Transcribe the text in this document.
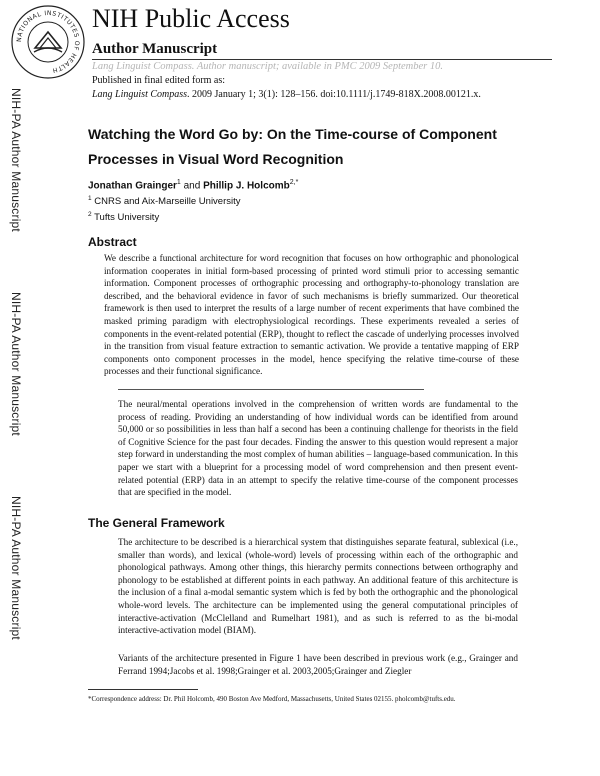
NATIONAL INSTITUTES OF HEALTH
NIH Public Access
Author Manuscript
Lang Linguist Compass. Author manuscript; available in PMC 2009 September 10.
Published in final edited form as:
Lang Linguist Compass. 2009 January 1; 3(1): 128–156. doi:10.1111/j.1749-818X.2008.00121.x.
NIH-PA Author Manuscript
NIH-PA Author Manuscript
NIH-PA Author Manuscript
Watching the Word Go by: On the Time-course of Component Processes in Visual Word Recognition
Jonathan Grainger$^1$ and Phillip J. Holcomb$^{2,*}$
$^1$ CNRS and Aix-Marseille University
$^2$ Tufts University
Abstract
We describe a functional architecture for word recognition that focuses on how orthographic and phonological information cooperates in initial form-based processing of printed word stimuli prior to accessing semantic information. Component processes of orthographic processing and orthography-to-phonology translation are described, and the behavioral evidence in favor of such mechanisms is briefly summarized. Our theoretical framework is then used to interpret the results of a large number of recent experiments that have combined the masked priming paradigm with electrophysiological recordings. These experiments revealed a series of components in the event-related potential (ERP), thought to reflect the cascade of underlying processes involved in the transition from visual feature extraction to semantic activation. We provide a tentative mapping of ERP components onto component processes in the model, hence specifying the relative time-course of these processes and their functional significance.
The neural/mental operations involved in the comprehension of written words are fundamental to the process of reading. Providing an understanding of how individual words can be identified from around 50,000 or so possibilities in less than half a second has been a continuing challenge for theorists in the field of Cognitive Science for the past four decades. Finding the answer to this question would represent a major step forward in understanding the most complex of human abilities – language-based communication. In this paper we start with a blueprint for a processing model of word comprehension and then present event-related potential (ERP) data in an attempt to specify the relative time-course of the component processes that are specified in the model.
The General Framework
The architecture to be described is a hierarchical system that distinguishes separate featural, sublexical (i.e., smaller than words), and lexical (whole-word) levels of processing within each of the orthographic and phonological pathways. Among other things, this hierarchy permits connections between orthography and phonology to be established at different points in each pathway. An additional feature of this architecture is the inclusion of a final a-modal semantic system which is fed by both the orthographic and the phonological whole-word levels. The architecture can be implemented using the general computational principles of interactive-activation (McClelland and Rumelhart 1981), and as such is referred to as the bi-modal interactive-activation model (BIAM).
Variants of the architecture presented in Figure 1 have been described in previous work (e.g., Grainger and Ferrand 1994;Jacobs et al. 1998;Grainger et al. 2003,2005;Grainger and Ziegler
*Correspondence address: Dr. Phil Holcomb, 490 Boston Ave Medford, Massachusetts, United States 02155. pholcomb@tufts.edu.
